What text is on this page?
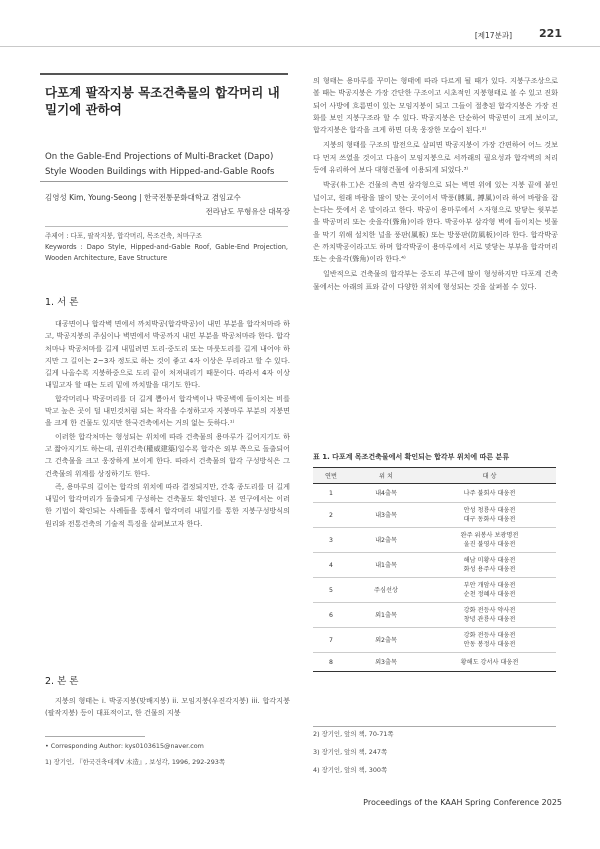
[제17분과] 221
다포계 팔작지붕 목조건축물의 합각머리 내밀기에 관하여
On the Gable-End Projections of Multi-Bracket (Dapo) Style Wooden Buildings with Hipped-and-Gable Roofs
김영성 Kim, Young-Seong | 한국전통문화대학교 겸임교수
전라남도 무형유산 대목장
주제어 : 다포, 팔작지붕, 합각머리, 목조건축, 처마구조
Keywords : Dapo Style, Hipped-and-Gable Roof, Gable-End Projection, Wooden Architecture, Eave Structure
1. 서 론

대공면이나 합각벽 면에서 까치박공(합각박공)이 내민 부분을 합각처마라 하고, 박공지붕의 주심이나 벽면에서 박공까지 내민 부분을 박공처마라 한다. 합각처마나 박공처마를 길게 내밀려면 도리·중도리 또는 마룻도리를 길게 내어야 하지만 그 길이는 2~3자 정도로 하는 것이 좋고 4자 이상은 무리라고 할 수 있다. 길게 나올수록 지붕하중으로 도리 끝이 처져내리기 때문이다. 따라서 4자 이상 내밀고자 할 때는 도리 밑에 까치발을 대기도 한다.

합각머리나 박공머리를 더 길게 뽑아서 합각벽이나 박공벽에 들이치는 비를 막고 높은 곳이 덜 내민것처럼 되는 착각을 수정하고자 지붕마루 부분의 지붕면을 크게 한 건물도 있지만 한국건축에서는 거의 없는 듯하다.¹⁾

이러한 합각처마는 형성되는 위치에 따라 건축물의 용마루가 길어지기도 하고 짧아지기도 하는데, 권위건축(權威建築)일수록 합각은 외부 쪽으로 돌출되어 그 건축물을 크고 웅장하게 보이게 한다. 따라서 건축물의 합각 구성방식은 그 건축물의 위계를 상징하기도 한다.

즉, 용마루의 길이는 합각의 위치에 따라 결정되지만, 간혹 종도리를 더 길게 내밀어 합각머리가 돌출되게 구성하는 건축물도 확인된다. 본 연구에서는 이러한 기법이 확인되는 사례들을 통해서 합각머리 내밀기를 통한 지붕구성방식의 원리와 전통건축의 기술적 특징을 살펴보고자 한다.

2. 본 론

지붕의 형태는 i. 박공지붕(맞배지붕) ii. 모임지붕(우진각지붕) iii. 합각지붕(팔작지붕) 등이 대표적이고, 한 건물의 지붕

• Corresponding Author: kys0103615@naver.com
1) 장기인, 『한국건축대계Ⅴ 木造』, 보성각, 1996, 292-293쪽

의 형태는 용마루를 꾸미는 형태에 따라 다르게 될 때가 있다. 지붕구조상으로 볼 때는 박공지붕은 가장 간단한 구조이고 시초적인 지붕형태로 볼 수 있고 진화되어 사방에 흐름면이 있는 모임지붕이 되고 그들이 절충된 합각지붕은 가장 진화를 보인 지붕구조라 할 수 있다. 박공지붕은 단순하여 박공면이 크게 보이고, 합각지붕은 합각을 크게 하면 더욱 웅장한 모습이 된다.²⁾

지붕의 형태를 구조의 발전으로 살피면 박공지붕이 가장 간편하여 어느 것보다 먼저 쓰였을 것이고 다음이 모임지붕으로 서까래의 필요성과 합각벽의 처리 등에 유리하여 보다 대형건물에 이용되게 되었다.³⁾

박공(朴工)은 건물의 측면 삼각형으로 되는 벽면 위에 있는 지붕 끝에 붙인 널이고, 원래 바람을 많이 맞는 곳이어서 박풍(膊風, 搏風)이라 하여 바람을 잡는다는 뜻에서 온 말이라고 한다. 박공이 용마루에서 ㅅ자형으로 맞닿는 윗부분을 박공머리 또는 솟을각(聳角)이라 한다. 박공아부 삼각형 벽에 들이치는 빗물을 막기 위해 설치한 널을 풍판(風板) 또는 방풍판(防風板)이라 한다. 합각박공은 까치박공이라고도 하며 합각박공이 용마루에서 서로 맞닿는 부부을 합각머리 또는 솟을각(聳角)이라 한다.⁴⁾

일반적으로 건축물의 합각부는 중도리 부근에 많이 형성하지만 다포계 건축물에서는 아래의 표와 같이 다양한 위치에 형성되는 것을 살펴볼 수 있다.

표 1. 다포계 목조건축물에서 확인되는 합각부 위치에 따른 분류
연번	위 치	대 상
1	내4출목	나주 불회사 대웅전

2	내3출목	안성 청룡사 대웅전
대구 동화사 대웅전

3	내2출목	완주 위봉사 보광명전
울진 불영사 대웅전

4	내1출목	해남 미황사 대웅전
화성 용주사 대웅전

5	주심선상	부안 개암사 대웅전
순천 정혜사 대웅전

6	외1출목	강화 전등사 약사전
창녕 관룡사 대웅전

7	외2출목	강화 전등사 대웅전
안동 봉정사 대웅전

8	외3출목	황해도 강서사 대웅전
2) 장기인, 앞의 책, 70-71쪽
3) 장기인, 앞의 책, 247쪽
4) 장기인, 앞의 책, 300쪽
Proceedings of the KAAH Spring Conference 2025
